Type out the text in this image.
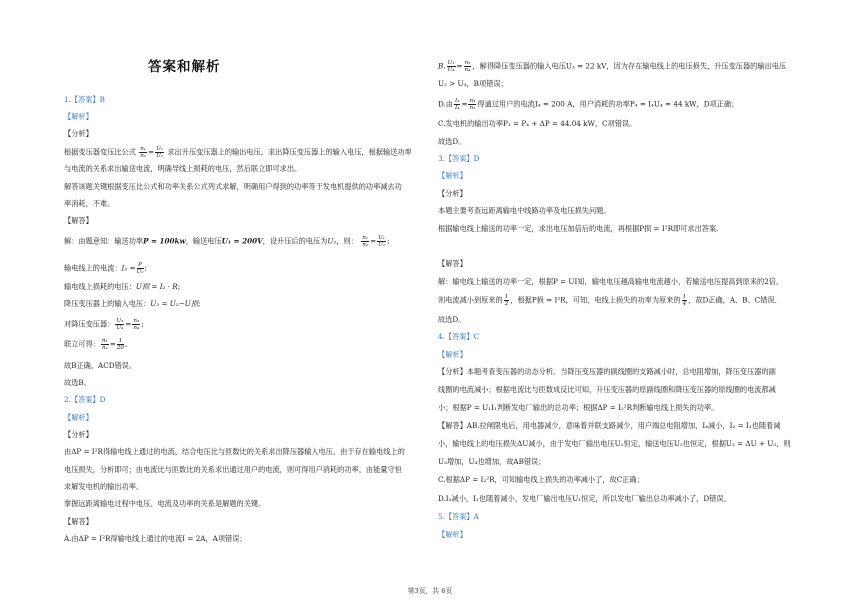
答案和解析
1.【答案】B
【解析】
【分析】
根据变压器变压比公式 $\frac{\text{n₁}}{\text{n₂}} = \frac{\text{U₁}}{\text{U₂}}$ 求出升压变压器上的输出电压，求出降压变压器上的输入电压，根据输送功率
与电流的关系求出输送电流，明确导线上损耗的电压，然后联立即可求出。
解答该题关键根据变压比公式和功率关系公式列式求解，明确用户得到的功率等于发电机提供的功率减去功
率消耗，不难。
【解答】
解：由题意知：输送功率P = 100kw，输送电压U₁ = 200V，设升压后的电压为U₂，则： $\frac{\text{n₁}}{\text{n₂}} = \frac{\text{U₁}}{\text{U₂}}$ ;
输电线上的电流：$I_2 = \frac{P}{\text{U₂}}$ ;
输电线上损耗的电压：U损 = I₂ · R;
降压变压器上的输入电压：U₃ = U₂−U损;
对降压变压器： $\frac{\text{U₃}}{\text{U₄}} = \frac{\text{n₃}}{\text{n₄}}$ ;
联立可得： $\frac{\text{n₁}}{\text{n₂}} = \frac{1}{20}$ ,
故B正确，ACD错误。
故选B。
2.【答案】D
【解析】
【分析】
由ΔP = I²R得输电线上通过的电流，结合电压比与匝数比的关系求出降压器输入电压，由于存在输电线上的
电压损失，分析即可；由电流比与匝数比的关系求出通过用户的电流，则可得用户消耗的功率，由能量守恒
求解发电机的输出功率。
掌握远距离输电过程中电压、电流及功率的关系是解题的关键。
【解答】
A.由ΔP = I²R得输电线上通过的电流I = 2A，A项错误；
B. $\frac{\text{U₃}}{\text{U₄}} = \frac{\text{n₃}}{\text{n₄}}$ ，解得降压变压器的输入电压U₃ = 22 kV，因为存在输电线上的电压损失，升压变压器的输出电压
U₂ > U₃，B项错误；
D.由 $\frac{\text{I₃}}{\text{I₄}} = \frac{\text{n₄}}{\text{n₃}}$ 得通过用户的电流I₄ = 200 A，用户消耗的功率P₄ = I₄U₄ = 44 kW，D项正确；
C.发电机的输出功率P₁ = P₄ + ΔP = 44.04 kW，C项错误。
故选D。
3.【答案】D
【解析】
【分析】
本题主要考查远距离输电中线路功率及电压损失问题。
根据输电线上输送的功率一定，求出电压加倍后的电流，再根据P损 = I²R即可求出答案.
【解答】
解：输电线上输送的功率一定，根据P = UI知，输电电压越高输电电流越小，若输送电压提高到原来的2倍，
则电流减小到原来的 $\frac{1}{2}$ ，根据P损 = I²R，可知，电线上损失的功率为原来的 $\frac{1}{4}$ ，故D正确，A、B、C错误．
故选D。
4.【答案】C
【解析】
【分析】本题考查变压器的动态分析。当降压变压器的副线圈的支路减小时，总电阻增加，降压变压器的副
线圈的电流减小；根据电流比与匝数成反比可知，升压变压器的原副线圈和降压变压器的原线圈的电流都减
小；根据P = U₁I₁判断发电厂输出的总功率；根据ΔP = I₂²R判断输电线上损失的功率。
【解答】AB.拉闸限电后，用电器减少，意味着并联支路减少，用户端总电阻增加，I₄减小，I₂ = I₃也随着减
小，输电线上的电压损失ΔU减小，由于发电厂输出电压U₁恒定，输送电压U₂也恒定，根据U₂ = ΔU + U₃，则
U₃增加，U₄也增加，故AB错误；
C.根据ΔP = I₂²R，可知输电线上损失的功率减小了，故C正确；
D.I₂减小，I₁也随着减小，发电厂输出电压U₁恒定，所以发电厂输出总功率减小了，D错误。
5.【答案】A
【解析】
第3页，共 6页
